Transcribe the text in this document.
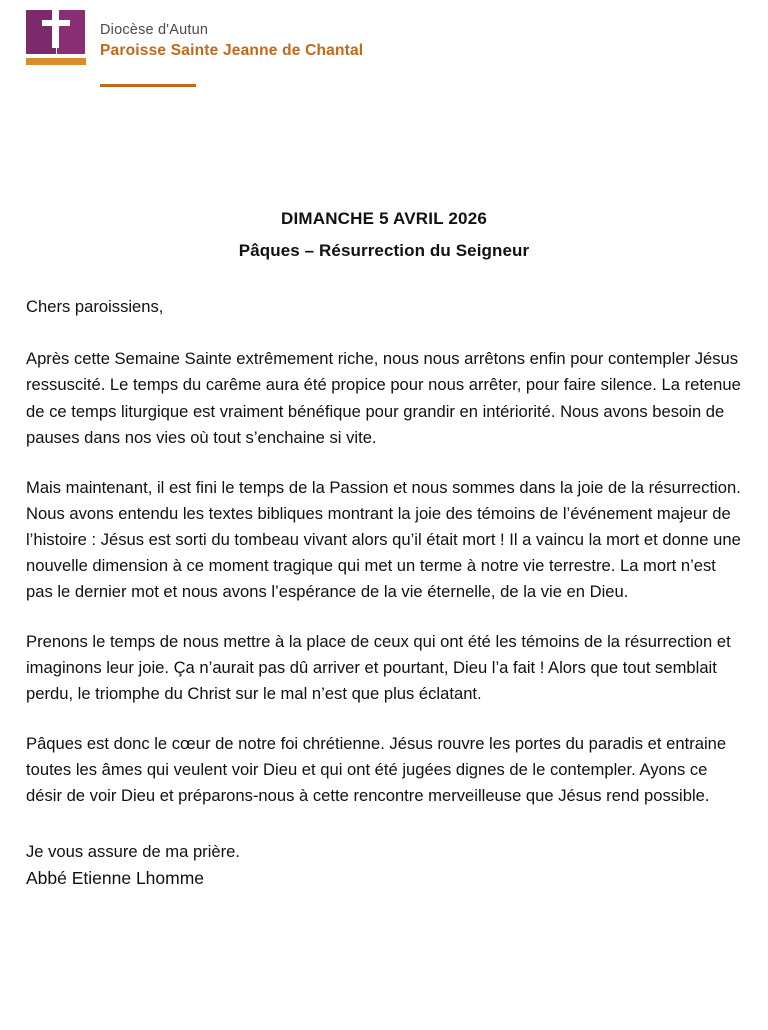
Diocèse d'Autun
Paroisse Sainte Jeanne de Chantal
DIMANCHE 5 AVRIL 2026
Pâques – Résurrection du Seigneur
Chers paroissiens,

Après cette Semaine Sainte extrêmement riche, nous nous arrêtons enfin pour contempler Jésus ressuscité. Le temps du carême aura été propice pour nous arrêter, pour faire silence. La retenue de ce temps liturgique est vraiment bénéfique pour grandir en intériorité. Nous avons besoin de pauses dans nos vies où tout s’enchaine si vite.

Mais maintenant, il est fini le temps de la Passion et nous sommes dans la joie de la résurrection. Nous avons entendu les textes bibliques montrant la joie des témoins de l’événement majeur de l’histoire : Jésus est sorti du tombeau vivant alors qu’il était mort ! Il a vaincu la mort et donne une nouvelle dimension à ce moment tragique qui met un terme à notre vie terrestre. La mort n’est pas le dernier mot et nous avons l’espérance de la vie éternelle, de la vie en Dieu.

Prenons le temps de nous mettre à la place de ceux qui ont été les témoins de la résurrection et imaginons leur joie. Ça n’aurait pas dû arriver et pourtant, Dieu l’a fait ! Alors que tout semblait perdu, le triomphe du Christ sur le mal n’est que plus éclatant.

Pâques est donc le cœur de notre foi chrétienne. Jésus rouvre les portes du paradis et entraine toutes les âmes qui veulent voir Dieu et qui ont été jugées dignes de le contempler. Ayons ce désir de voir Dieu et préparons-nous à cette rencontre merveilleuse que Jésus rend possible.

Je vous assure de ma prière.

Abbé Etienne Lhomme
